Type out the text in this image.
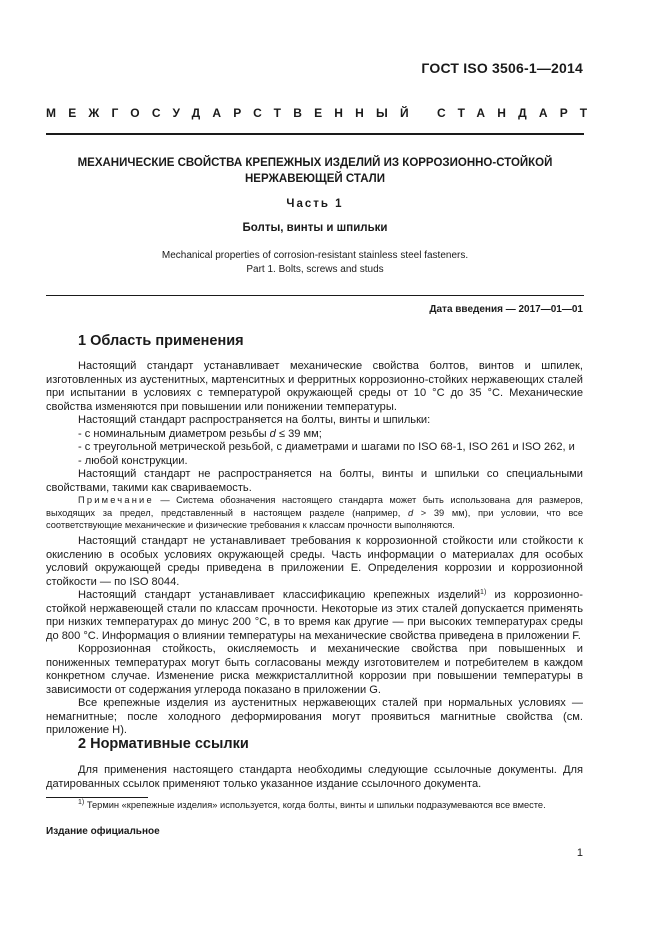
ГОСТ ISO 3506-1—2014
МЕЖГОСУДАРСТВЕННЫЙ СТАНДАРТ
МЕХАНИЧЕСКИЕ СВОЙСТВА КРЕПЕЖНЫХ ИЗДЕЛИЙ ИЗ КОРРОЗИОННО-СТОЙКОЙ
НЕРЖАВЕЮЩЕЙ СТАЛИ
Часть 1
Болты, винты и шпильки
Mechanical properties of corrosion-resistant stainless steel fasteners.
Part 1. Bolts, screws and studs
Дата введения — 2017—01—01
1 Область применения

Настоящий стандарт устанавливает механические свойства болтов, винтов и шпилек, изготовленных из аустенитных, мартенситных и ферритных коррозионно-стойких нержавеющих сталей при испытании в условиях с температурой окружающей среды от 10 °С до 35 °С. Механические свойства изменяются при повышении или понижении температуры.

Настоящий стандарт распространяется на болты, винты и шпильки:

- с номинальным диаметром резьбы d ≤ 39 мм;

- с треугольной метрической резьбой, с диаметрами и шагами по ISO 68-1, ISO 261 и ISO 262, и

- любой конструкции.

Настоящий стандарт не распространяется на болты, винты и шпильки со специальными свойствами, такими как свариваемость.

Примечание — Система обозначения настоящего стандарта может быть использована для размеров, выходящих за предел, представленный в настоящем разделе (например, d > 39 мм), при условии, что все соответствующие механические и физические требования к классам прочности выполняются.

Настоящий стандарт не устанавливает требования к коррозионной стойкости или стойкости к окислению в особых условиях окружающей среды. Часть информации о материалах для особых условий окружающей среды приведена в приложении Е. Определения коррозии и коррозионной стойкости — по ISO 8044.

Настоящий стандарт устанавливает классификацию крепежных изделий$^{1)}$ из коррозионно-стойкой нержавеющей стали по классам прочности. Некоторые из этих сталей допускается применять при низких температурах до минус 200 °С, в то время как другие — при высоких температурах среды до 800 °С. Информация о влиянии температуры на механические свойства приведена в приложении F.

Коррозионная стойкость, окисляемость и механические свойства при повышенных и пониженных температурах могут быть согласованы между изготовителем и потребителем в каждом конкретном случае. Изменение риска межкристаллитной коррозии при повышении температуры в зависимости от содержания углерода показано в приложении G.

Все крепежные изделия из аустенитных нержавеющих сталей при нормальных условиях — немагнитные; после холодного деформирования могут проявиться магнитные свойства (см. приложение H).

2 Нормативные ссылки

Для применения настоящего стандарта необходимы следующие ссылочные документы. Для датированных ссылок применяют только указанное издание ссылочного документа.

$^{1)}$ Термин «крепежные изделия» используется, когда болты, винты и шпильки подразумеваются все вместе.
Издание официальное
1
